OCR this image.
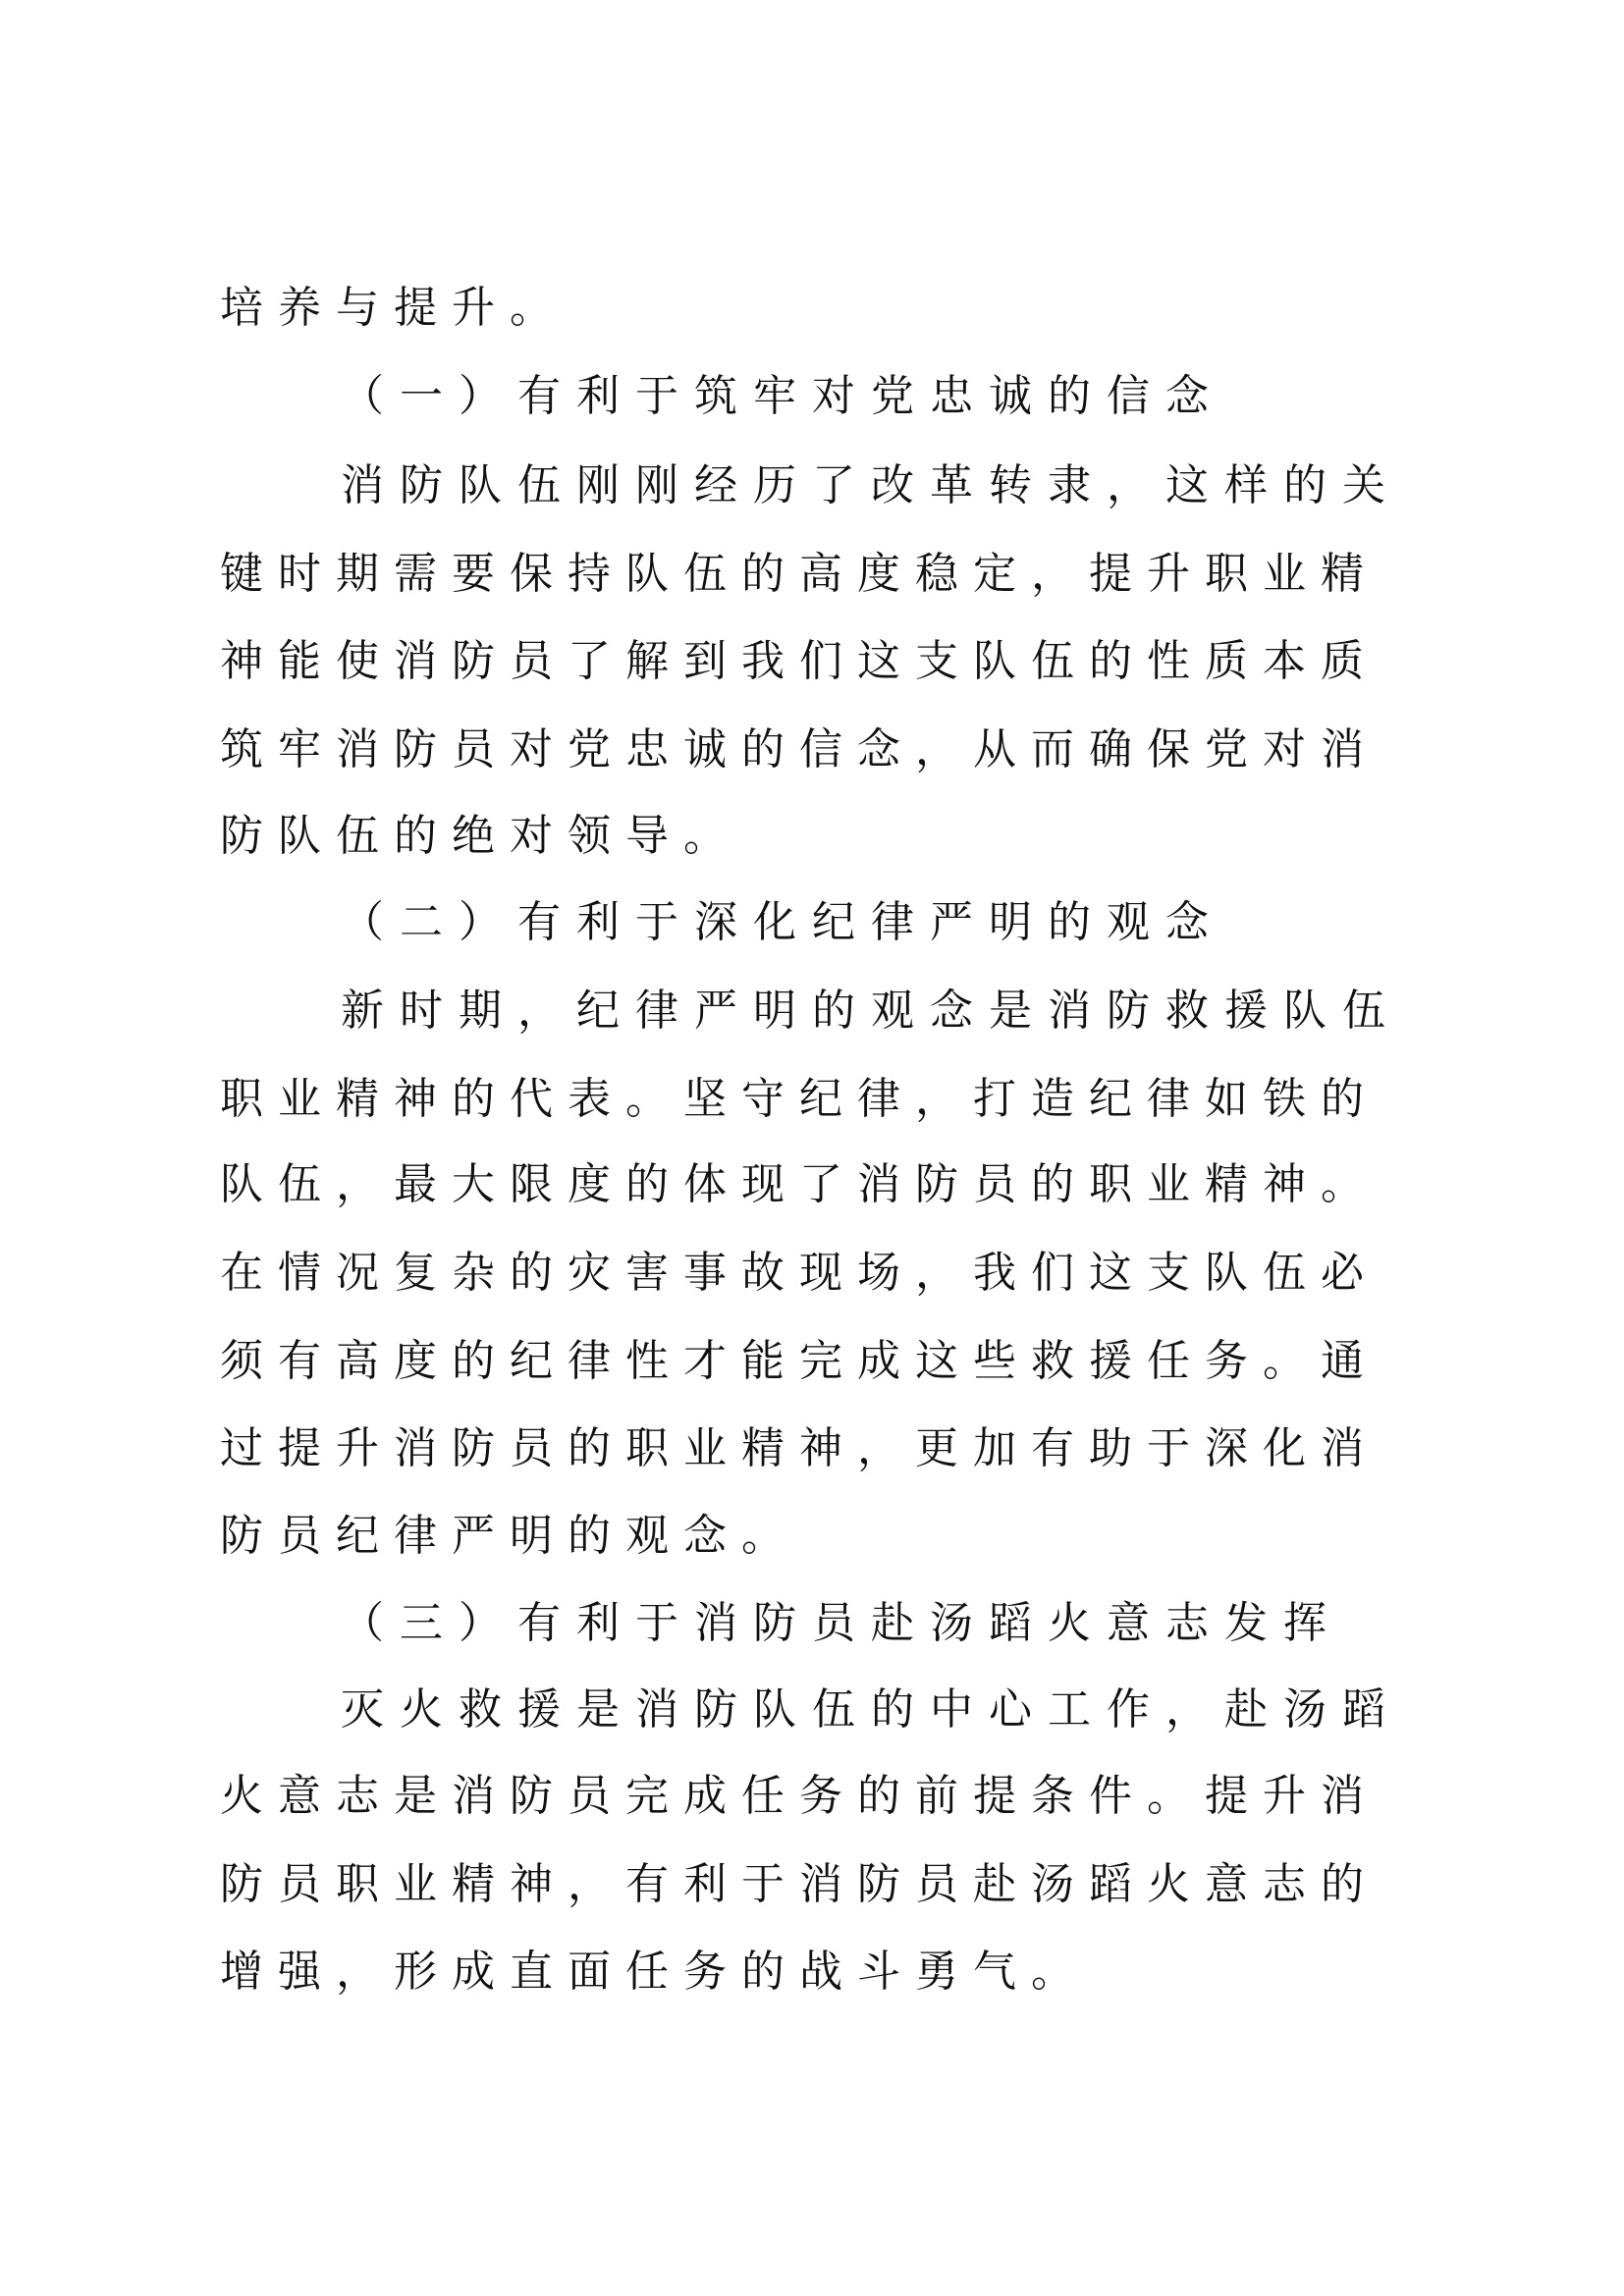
培养与提升。
（一）有利于筑牢对党忠诚的信念
消防队伍刚刚经历了改革转隶，这样的关
键时期需要保持队伍的高度稳定，提升职业精
神能使消防员了解到我们这支队伍的性质本质
筑牢消防员对党忠诚的信念，从而确保党对消
防队伍的绝对领导。
（二）有利于深化纪律严明的观念
新时期，纪律严明的观念是消防救援队伍
职业精神的代表。坚守纪律，打造纪律如铁的
队伍，最大限度的体现了消防员的职业精神。
在情况复杂的灾害事故现场，我们这支队伍必
须有高度的纪律性才能完成这些救援任务。通
过提升消防员的职业精神，更加有助于深化消
防员纪律严明的观念。
（三）有利于消防员赴汤蹈火意志发挥
灭火救援是消防队伍的中心工作，赴汤蹈
火意志是消防员完成任务的前提条件。提升消
防员职业精神，有利于消防员赴汤蹈火意志的
增强，形成直面任务的战斗勇气。
